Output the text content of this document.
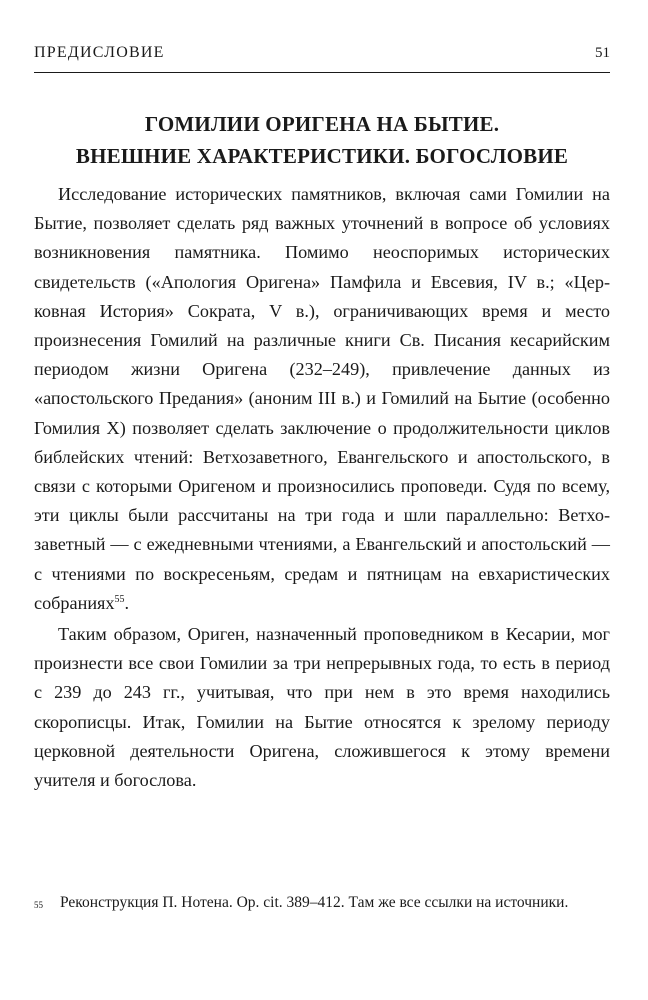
ПРЕДИСЛОВИЕ	51
ГОМИЛИИ ОРИГЕНА НА БЫТИЕ.
ВНЕШНИЕ ХАРАКТЕРИСТИКИ. БОГОСЛОВИЕ

Исследование исторических памятников, включая сами Гомилии на Бытие, позволяет сделать ряд важных уточнений в вопросе об условиях возникновения памятника. Помимо неоспоримых исторических свидетельств («Апология Оригена» Памфила и Евсевия, IV в.; «Церковная История» Сократа, V в.), ограничивающих время и место произнесения Гомилий на различные книги Св. Писания кесарийским периодом жизни Оригена (232–249), привлечение данных из «апостольского Предания» (аноним III в.) и Гомилий на Бытие (особенно Гомилия X) позволяет сделать заключение о продолжительности циклов библейских чтений: Ветхозаветного, Евангельского и апостольского, в связи с которыми Оригеном и произносились проповеди. Судя по всему, эти циклы были рассчитаны на три года и шли параллельно: Ветхозаветный — с ежедневными чтениями, а Евангельский и апостольский — с чтениями по воскресеньям, средам и пятницам на евхаристических собраниях$^{55}$.

Таким образом, Ориген, назначенный проповедником в Кесарии, мог произнести все свои Гомилии за три непрерывных года, то есть в период с 239 до 243 гг., учитывая, что при нем в это время находились скорописцы. Итак, Гомилии на Бытие относятся к зрелому периоду церковной деятельности Оригена, сложившегося к этому времени учителя и богослова.

55	Реконструкция П. Нотена. Op. cit. 389–412. Там же все ссылки на источники.
